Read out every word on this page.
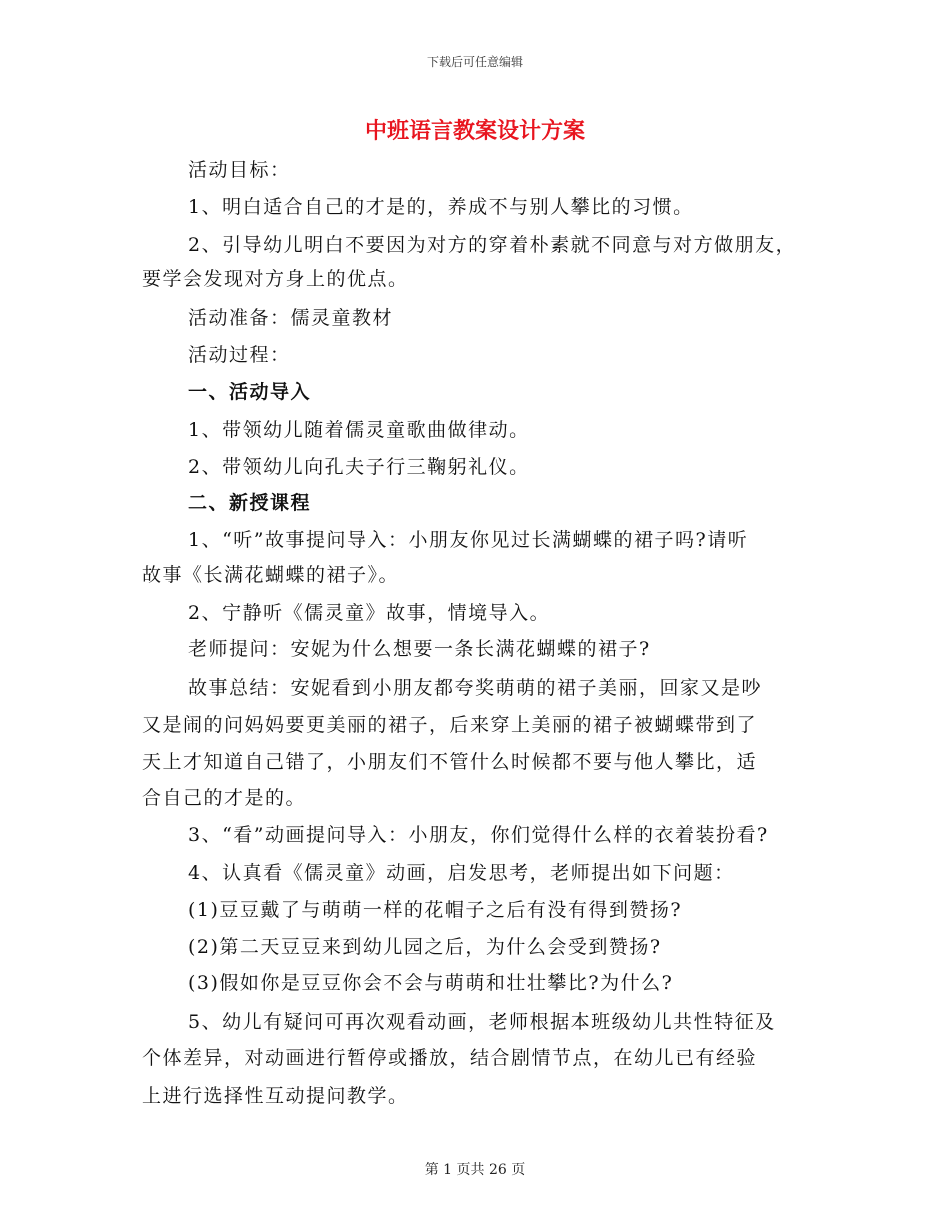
下载后可任意编辑
中班语言教案设计方案
活动目标：
1、明白适合自己的才是的，养成不与别人攀比的习惯。
2、引导幼儿明白不要因为对方的穿着朴素就不同意与对方做朋友，
要学会发现对方身上的优点。
活动准备：儒灵童教材
活动过程：
一、活动导入
1、带领幼儿随着儒灵童歌曲做律动。
2、带领幼儿向孔夫子行三鞠躬礼仪。
二、新授课程
1、“听”故事提问导入：小朋友你见过长满蝴蝶的裙子吗?请听
故事《长满花蝴蝶的裙子》。
2、宁静听《儒灵童》故事，情境导入。
老师提问：安妮为什么想要一条长满花蝴蝶的裙子?
故事总结：安妮看到小朋友都夸奖萌萌的裙子美丽，回家又是吵
又是闹的问妈妈要更美丽的裙子，后来穿上美丽的裙子被蝴蝶带到了
天上才知道自己错了，小朋友们不管什么时候都不要与他人攀比，适
合自己的才是的。
3、“看”动画提问导入：小朋友，你们觉得什么样的衣着装扮看?
4、认真看《儒灵童》动画，启发思考，老师提出如下问题：
(1)豆豆戴了与萌萌一样的花帽子之后有没有得到赞扬?
(2)第二天豆豆来到幼儿园之后，为什么会受到赞扬?
(3)假如你是豆豆你会不会与萌萌和壮壮攀比?为什么?
5、幼儿有疑问可再次观看动画，老师根据本班级幼儿共性特征及
个体差异，对动画进行暂停或播放，结合剧情节点，在幼儿已有经验
上进行选择性互动提问教学。
第 1 页共 26 页
